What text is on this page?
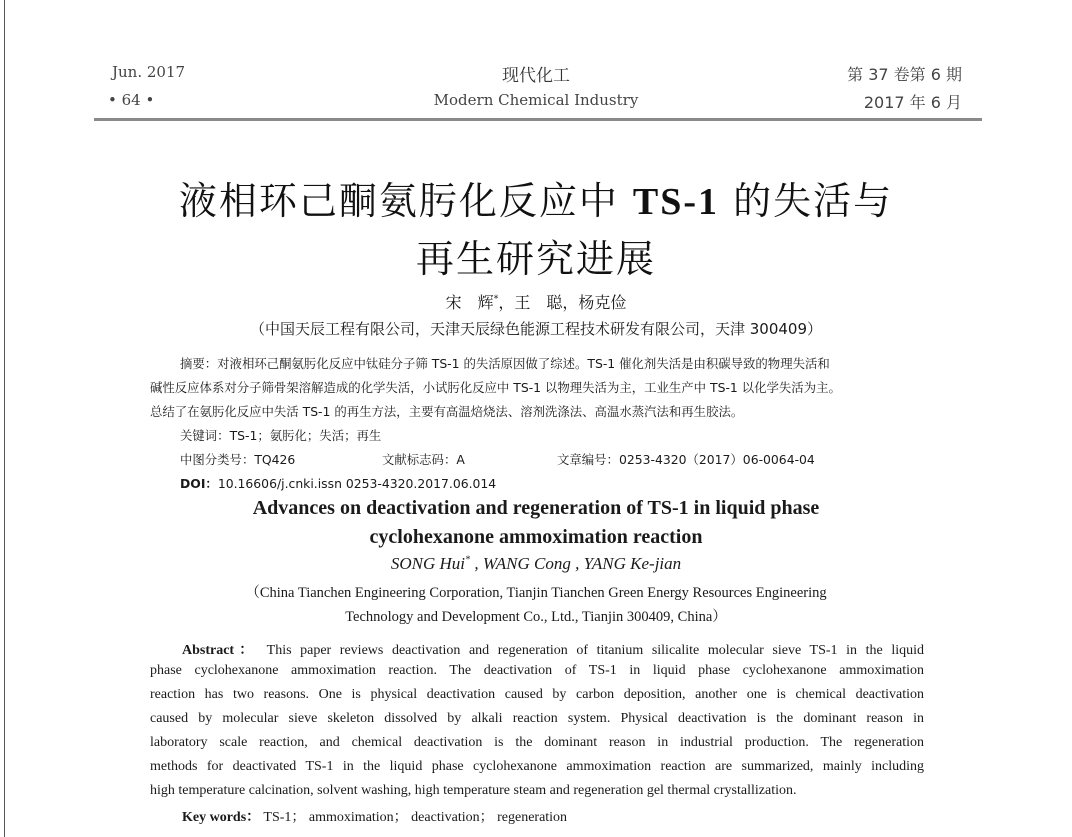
Jun. 2017
• 64 •
现代化工
Modern Chemical Industry
第 37 卷第 6 期
2017 年 6 月
液相环己酮氨肟化反应中 TS-1 的失活与
再生研究进展
宋　辉*，王　聪，杨克俭
（中国天辰工程有限公司，天津天辰绿色能源工程技术研发有限公司，天津 300409）
摘要：对液相环己酮氨肟化反应中钛硅分子筛 TS-1 的失活原因做了综述。TS-1 催化剂失活是由积碳导致的物理失活和
碱性反应体系对分子筛骨架溶解造成的化学失活，小试肟化反应中 TS-1 以物理失活为主，工业生产中 TS-1 以化学失活为主。
总结了在氨肟化反应中失活 TS-1 的再生方法，主要有高温焙烧法、溶剂洗涤法、高温水蒸汽法和再生胶法。
关键词：TS-1；氨肟化；失活；再生
中图分类号：TQ426	文献标志码：A	文章编号：0253-4320（2017）06-0064-04
DOI：10.16606/j.cnki.issn 0253-4320.2017.06.014
Advances on deactivation and regeneration of TS-1 in liquid phase
cyclohexanone ammoximation reaction
SONG Hui* , WANG Cong , YANG Ke-jian
（China Tianchen Engineering Corporation, Tianjin Tianchen Green Energy Resources Engineering
Technology and Development Co., Ltd., Tianjin 300409, China）
Abstract： This paper reviews deactivation and regeneration of titanium silicalite molecular sieve TS-1 in the liquid
phase cyclohexanone ammoximation reaction. The deactivation of TS-1 in liquid phase cyclohexanone ammoximation
reaction has two reasons. One is physical deactivation caused by carbon deposition, another one is chemical deactivation
caused by molecular sieve skeleton dissolved by alkali reaction system. Physical deactivation is the dominant reason in
laboratory scale reaction, and chemical deactivation is the dominant reason in industrial production. The regeneration
methods for deactivated TS-1 in the liquid phase cyclohexanone ammoximation reaction are summarized, mainly including
high temperature calcination, solvent washing, high temperature steam and regeneration gel thermal crystallization.
Key words： TS-1； ammoximation； deactivation； regeneration
